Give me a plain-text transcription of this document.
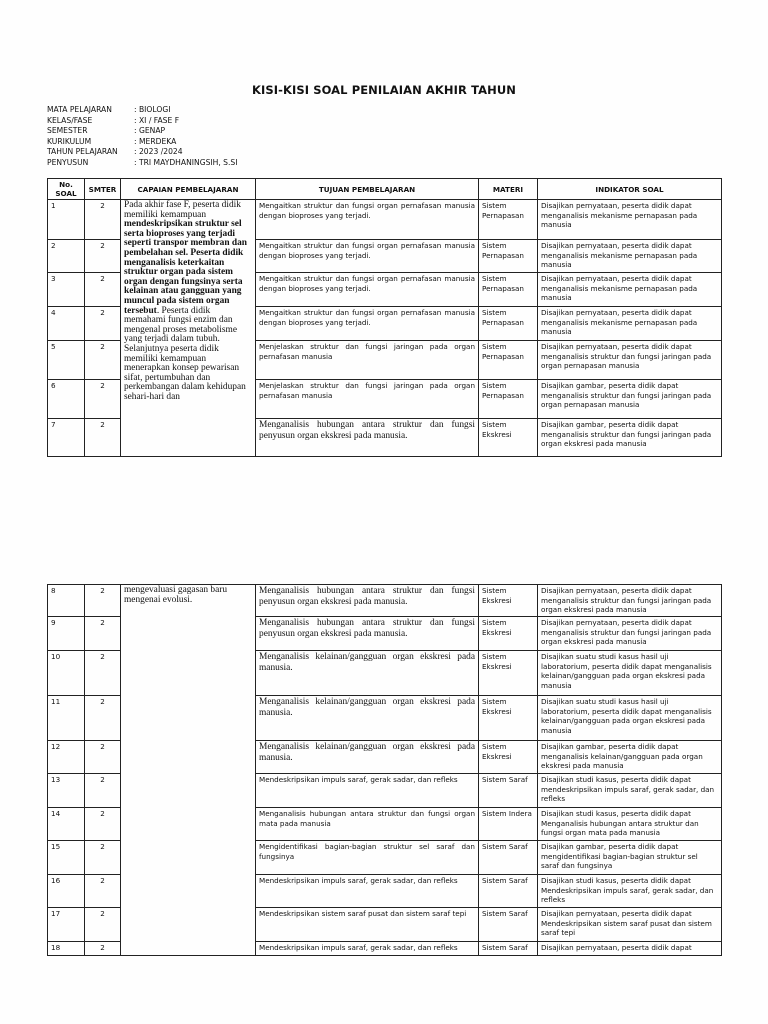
KISI-KISI SOAL PENILAIAN AKHIR TAHUN
MATA PELAJARAN	: BIOLOGI
KELAS/FASE	: XI / FASE F
SEMESTER	: GENAP
KURIKULUM	: MERDEKA
TAHUN PELAJARAN	: 2023 /2024
PENYUSUN	: TRI MAYDHANINGSIH, S.SI
No. SOAL	SMTER	CAPAIAN PEMBELAJARAN	TUJUAN PEMBELAJARAN	MATERI	INDIKATOR SOAL
1	2	Pada akhir fase F, peserta didik memiliki kemampuan mendeskripsikan struktur sel serta bioproses yang terjadi seperti transpor membran dan pembelahan sel. Peserta didik menganalisis keterkaitan struktur organ pada sistem organ dengan fungsinya serta kelainan atau gangguan yang muncul pada sistem organ tersebut. Peserta didik memahami fungsi enzim dan mengenal proses metabolisme yang terjadi dalam tubuh. Selanjutnya peserta didik memiliki kemampuan menerapkan konsep pewarisan sifat, pertumbuhan dan perkembangan dalam kehidupan sehari-hari dan	Mengaitkan struktur dan fungsi organ pernafasan manusia dengan bioproses yang terjadi.	Sistem Pernapasan	Disajikan pernyataan, peserta didik dapat menganalisis mekanisme pernapasan pada manusia
2	2		Mengaitkan struktur dan fungsi organ pernafasan manusia dengan bioproses yang terjadi.	Sistem Pernapasan	Disajikan pernyataan, peserta didik dapat menganalisis mekanisme pernapasan pada manusia
3	2		Mengaitkan struktur dan fungsi organ pernafasan manusia dengan bioproses yang terjadi.	Sistem Pernapasan	Disajikan pernyataan, peserta didik dapat menganalisis mekanisme pernapasan pada manusia
4	2		Mengaitkan struktur dan fungsi organ pernafasan manusia dengan bioproses yang terjadi.	Sistem Pernapasan	Disajikan pernyataan, peserta didik dapat menganalisis mekanisme pernapasan pada manusia
5	2		Menjelaskan struktur dan fungsi jaringan pada organ pernafasan manusia	Sistem Pernapasan	Disajikan pernyataan, peserta didik dapat menganalisis struktur dan fungsi jaringan pada organ pernapasan manusia
6	2		Menjelaskan struktur dan fungsi jaringan pada organ pernafasan manusia	Sistem Pernapasan	Disajikan gambar, peserta didik dapat menganalisis struktur dan fungsi jaringan pada organ pernapasan manusia
7	2		Menganalisis hubungan antara struktur dan fungsi penyusun organ ekskresi pada manusia.	Sistem Ekskresi	Disajikan gambar, peserta didik dapat menganalisis struktur dan fungsi jaringan pada organ ekskresi pada manusia
8	2	mengevaluasi gagasan baru mengenai evolusi.	Menganalisis hubungan antara struktur dan fungsi penyusun organ ekskresi pada manusia.	Sistem Ekskresi	Disajikan pernyataan, peserta didik dapat menganalisis struktur dan fungsi jaringan pada organ ekskresi pada manusia
9	2		Menganalisis hubungan antara struktur dan fungsi penyusun organ ekskresi pada manusia.	Sistem Ekskresi	Disajikan pernyataan, peserta didik dapat menganalisis struktur dan fungsi jaringan pada organ ekskresi pada manusia
10	2		Menganalisis kelainan/gangguan organ ekskresi pada manusia.	Sistem Ekskresi	Disajikan suatu studi kasus hasil uji laboratorium, peserta didik dapat menganalisis kelainan/gangguan pada organ ekskresi pada manusia
11	2		Menganalisis kelainan/gangguan organ ekskresi pada manusia.	Sistem Ekskresi	Disajikan suatu studi kasus hasil uji laboratorium, peserta didik dapat menganalisis kelainan/gangguan pada organ ekskresi pada manusia
12	2		Menganalisis kelainan/gangguan organ ekskresi pada manusia.	Sistem Ekskresi	Disajikan gambar, peserta didik dapat menganalisis kelainan/gangguan pada organ ekskresi pada manusia
13	2		Mendeskripsikan impuls saraf, gerak sadar, dan refleks	Sistem Saraf	Disajikan studi kasus, peserta didik dapat mendeskripsikan impuls saraf, gerak sadar, dan refleks
14	2		Menganalisis hubungan antara struktur dan fungsi organ mata pada manusia	Sistem Indera	Disajikan studi kasus, peserta didik dapat Menganalisis hubungan antara struktur dan fungsi organ mata pada manusia
15	2		Mengidentifikasi bagian-bagian struktur sel saraf dan fungsinya	Sistem Saraf	Disajikan gambar, peserta didik dapat mengidentifikasi bagian-bagian struktur sel saraf dan fungsinya
16	2		Mendeskripsikan impuls saraf, gerak sadar, dan refleks	Sistem Saraf	Disajikan studi kasus, peserta didik dapat Mendeskripsikan impuls saraf, gerak sadar, dan refleks
17	2		Mendeskripsikan sistem saraf pusat dan sistem saraf tepi	Sistem Saraf	Disajikan pernyataan, peserta didik dapat Mendeskripsikan sistem saraf pusat dan sistem saraf tepi
18	2		Mendeskripsikan impuls saraf, gerak sadar, dan refleks	Sistem Saraf	Disajikan pernyataan, peserta didik dapat
